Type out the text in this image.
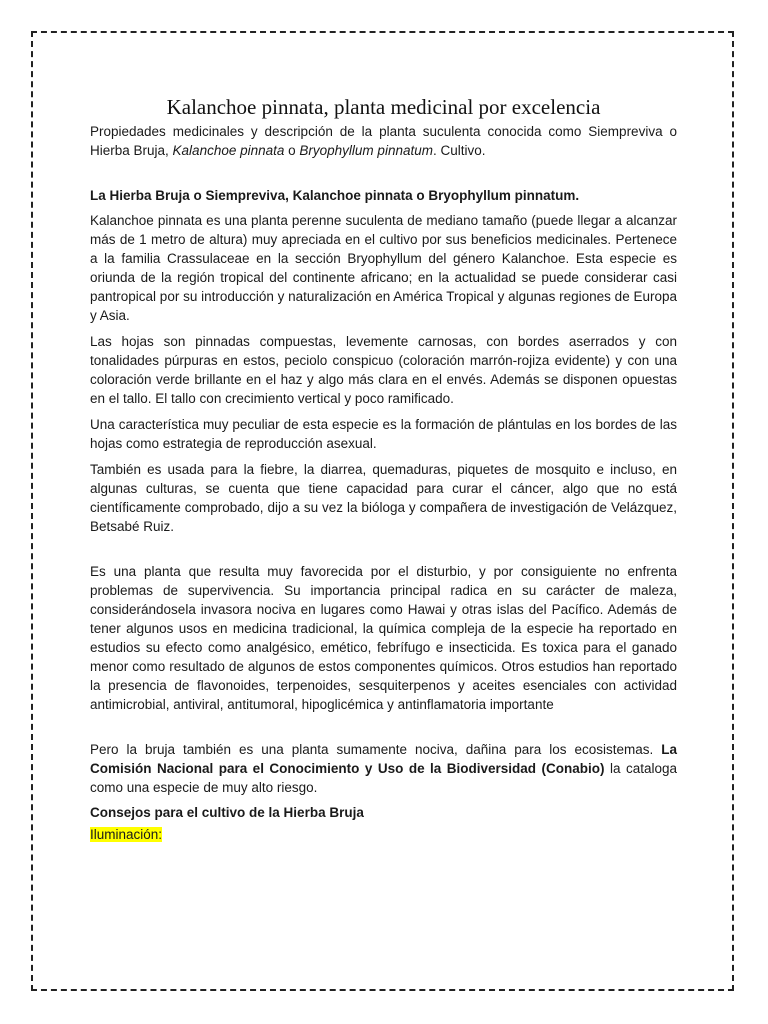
Kalanchoe pinnata, planta medicinal por excelencia

Propiedades medicinales y descripción de la planta suculenta conocida como Siempreviva o Hierba Bruja, Kalanchoe pinnata o Bryophyllum pinnatum. Cultivo.

La Hierba Bruja o Siempreviva, Kalanchoe pinnata o Bryophyllum pinnatum.

Kalanchoe pinnata es una planta perenne suculenta de mediano tamaño (puede llegar a alcanzar más de 1 metro de altura) muy apreciada en el cultivo por sus beneficios medicinales. Pertenece a la familia Crassulaceae en la sección Bryophyllum del género Kalanchoe. Esta especie es oriunda de la región tropical del continente africano; en la actualidad se puede considerar casi pantropical por su introducción y naturalización en América Tropical y algunas regiones de Europa y Asia.

Las hojas son pinnadas compuestas, levemente carnosas, con bordes aserrados y con tonalidades púrpuras en estos, peciolo conspicuo (coloración marrón-rojiza evidente) y con una coloración verde brillante en el haz y algo más clara en el envés. Además se disponen opuestas en el tallo. El tallo con crecimiento vertical y poco ramificado.

Una característica muy peculiar de esta especie es la formación de plántulas en los bordes de las hojas como estrategia de reproducción asexual.

También es usada para la fiebre, la diarrea, quemaduras, piquetes de mosquito e incluso, en algunas culturas, se cuenta que tiene capacidad para curar el cáncer, algo que no está científicamente comprobado, dijo a su vez la bióloga y compañera de investigación de Velázquez, Betsabé Ruiz.

Es una planta que resulta muy favorecida por el disturbio, y por consiguiente no enfrenta problemas de supervivencia. Su importancia principal radica en su carácter de maleza, considerándosela invasora nociva en lugares como Hawai y otras islas del Pacífico. Además de tener algunos usos en medicina tradicional, la química compleja de la especie ha reportado en estudios su efecto como analgésico, emético, febrífugo e insecticida. Es toxica para el ganado menor como resultado de algunos de estos componentes químicos. Otros estudios han reportado la presencia de flavonoides, terpenoides, sesquiterpenos y aceites esenciales con actividad antimicrobial, antiviral, antitumoral, hipoglicémica y antinflamatoria importante

Pero la bruja también es una planta sumamente nociva, dañina para los ecosistemas. La Comisión Nacional para el Conocimiento y Uso de la Biodiversidad (Conabio) la cataloga como una especie de muy alto riesgo.

Consejos para el cultivo de la Hierba Bruja

Iluminación:
